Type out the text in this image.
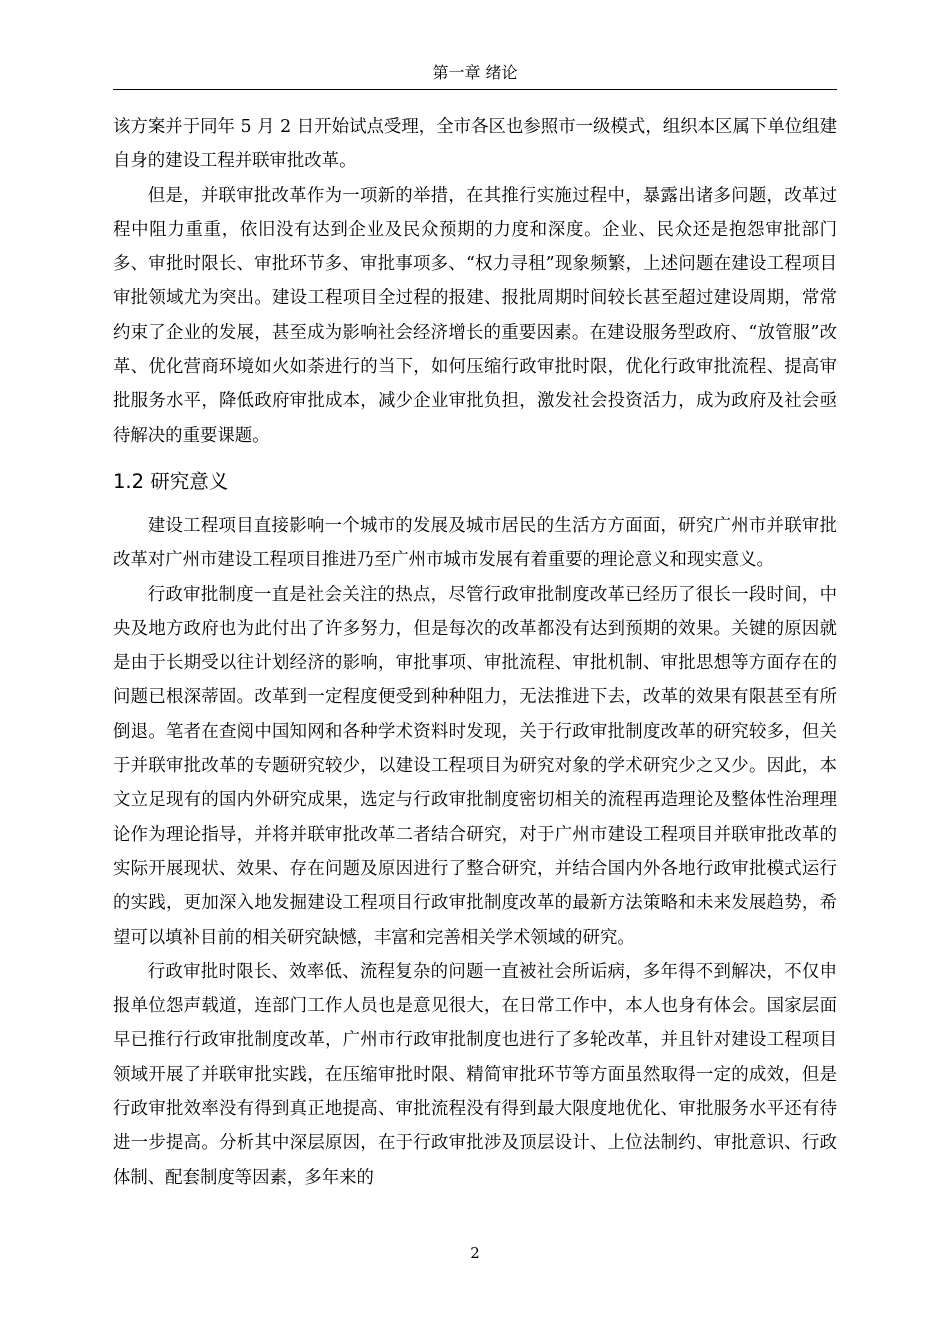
第一章 绪论

该方案并于同年 5 月 2 日开始试点受理，全市各区也参照市一级模式，组织本区属下单位组建自身的建设工程并联审批改革。

但是，并联审批改革作为一项新的举措，在其推行实施过程中，暴露出诸多问题，改革过程中阻力重重，依旧没有达到企业及民众预期的力度和深度。企业、民众还是抱怨审批部门多、审批时限长、审批环节多、审批事项多、“权力寻租”现象频繁，上述问题在建设工程项目审批领域尤为突出。建设工程项目全过程的报建、报批周期时间较长甚至超过建设周期，常常约束了企业的发展，甚至成为影响社会经济增长的重要因素。在建设服务型政府、“放管服”改革、优化营商环境如火如荼进行的当下，如何压缩行政审批时限，优化行政审批流程、提高审批服务水平，降低政府审批成本，减少企业审批负担，激发社会投资活力，成为政府及社会亟待解决的重要课题。

1.2 研究意义

建设工程项目直接影响一个城市的发展及城市居民的生活方方面面，研究广州市并联审批改革对广州市建设工程项目推进乃至广州市城市发展有着重要的理论意义和现实意义。

行政审批制度一直是社会关注的热点，尽管行政审批制度改革已经历了很长一段时间，中央及地方政府也为此付出了许多努力，但是每次的改革都没有达到预期的效果。关键的原因就是由于长期受以往计划经济的影响，审批事项、审批流程、审批机制、审批思想等方面存在的问题已根深蒂固。改革到一定程度便受到种种阻力，无法推进下去，改革的效果有限甚至有所倒退。笔者在查阅中国知网和各种学术资料时发现，关于行政审批制度改革的研究较多，但关于并联审批改革的专题研究较少，以建设工程项目为研究对象的学术研究少之又少。因此，本文立足现有的国内外研究成果，选定与行政审批制度密切相关的流程再造理论及整体性治理理论作为理论指导，并将并联审批改革二者结合研究，对于广州市建设工程项目并联审批改革的实际开展现状、效果、存在问题及原因进行了整合研究，并结合国内外各地行政审批模式运行的实践，更加深入地发掘建设工程项目行政审批制度改革的最新方法策略和未来发展趋势，希望可以填补目前的相关研究缺憾，丰富和完善相关学术领域的研究。

行政审批时限长、效率低、流程复杂的问题一直被社会所诟病，多年得不到解决，不仅申报单位怨声载道，连部门工作人员也是意见很大，在日常工作中，本人也身有体会。国家层面早已推行行政审批制度改革，广州市行政审批制度也进行了多轮改革，并且针对建设工程项目领域开展了并联审批实践，在压缩审批时限、精简审批环节等方面虽然取得一定的成效，但是行政审批效率没有得到真正地提高、审批流程没有得到最大限度地优化、审批服务水平还有待进一步提高。分析其中深层原因，在于行政审批涉及顶层设计、上位法制约、审批意识、行政体制、配套制度等因素，多年来的

2
